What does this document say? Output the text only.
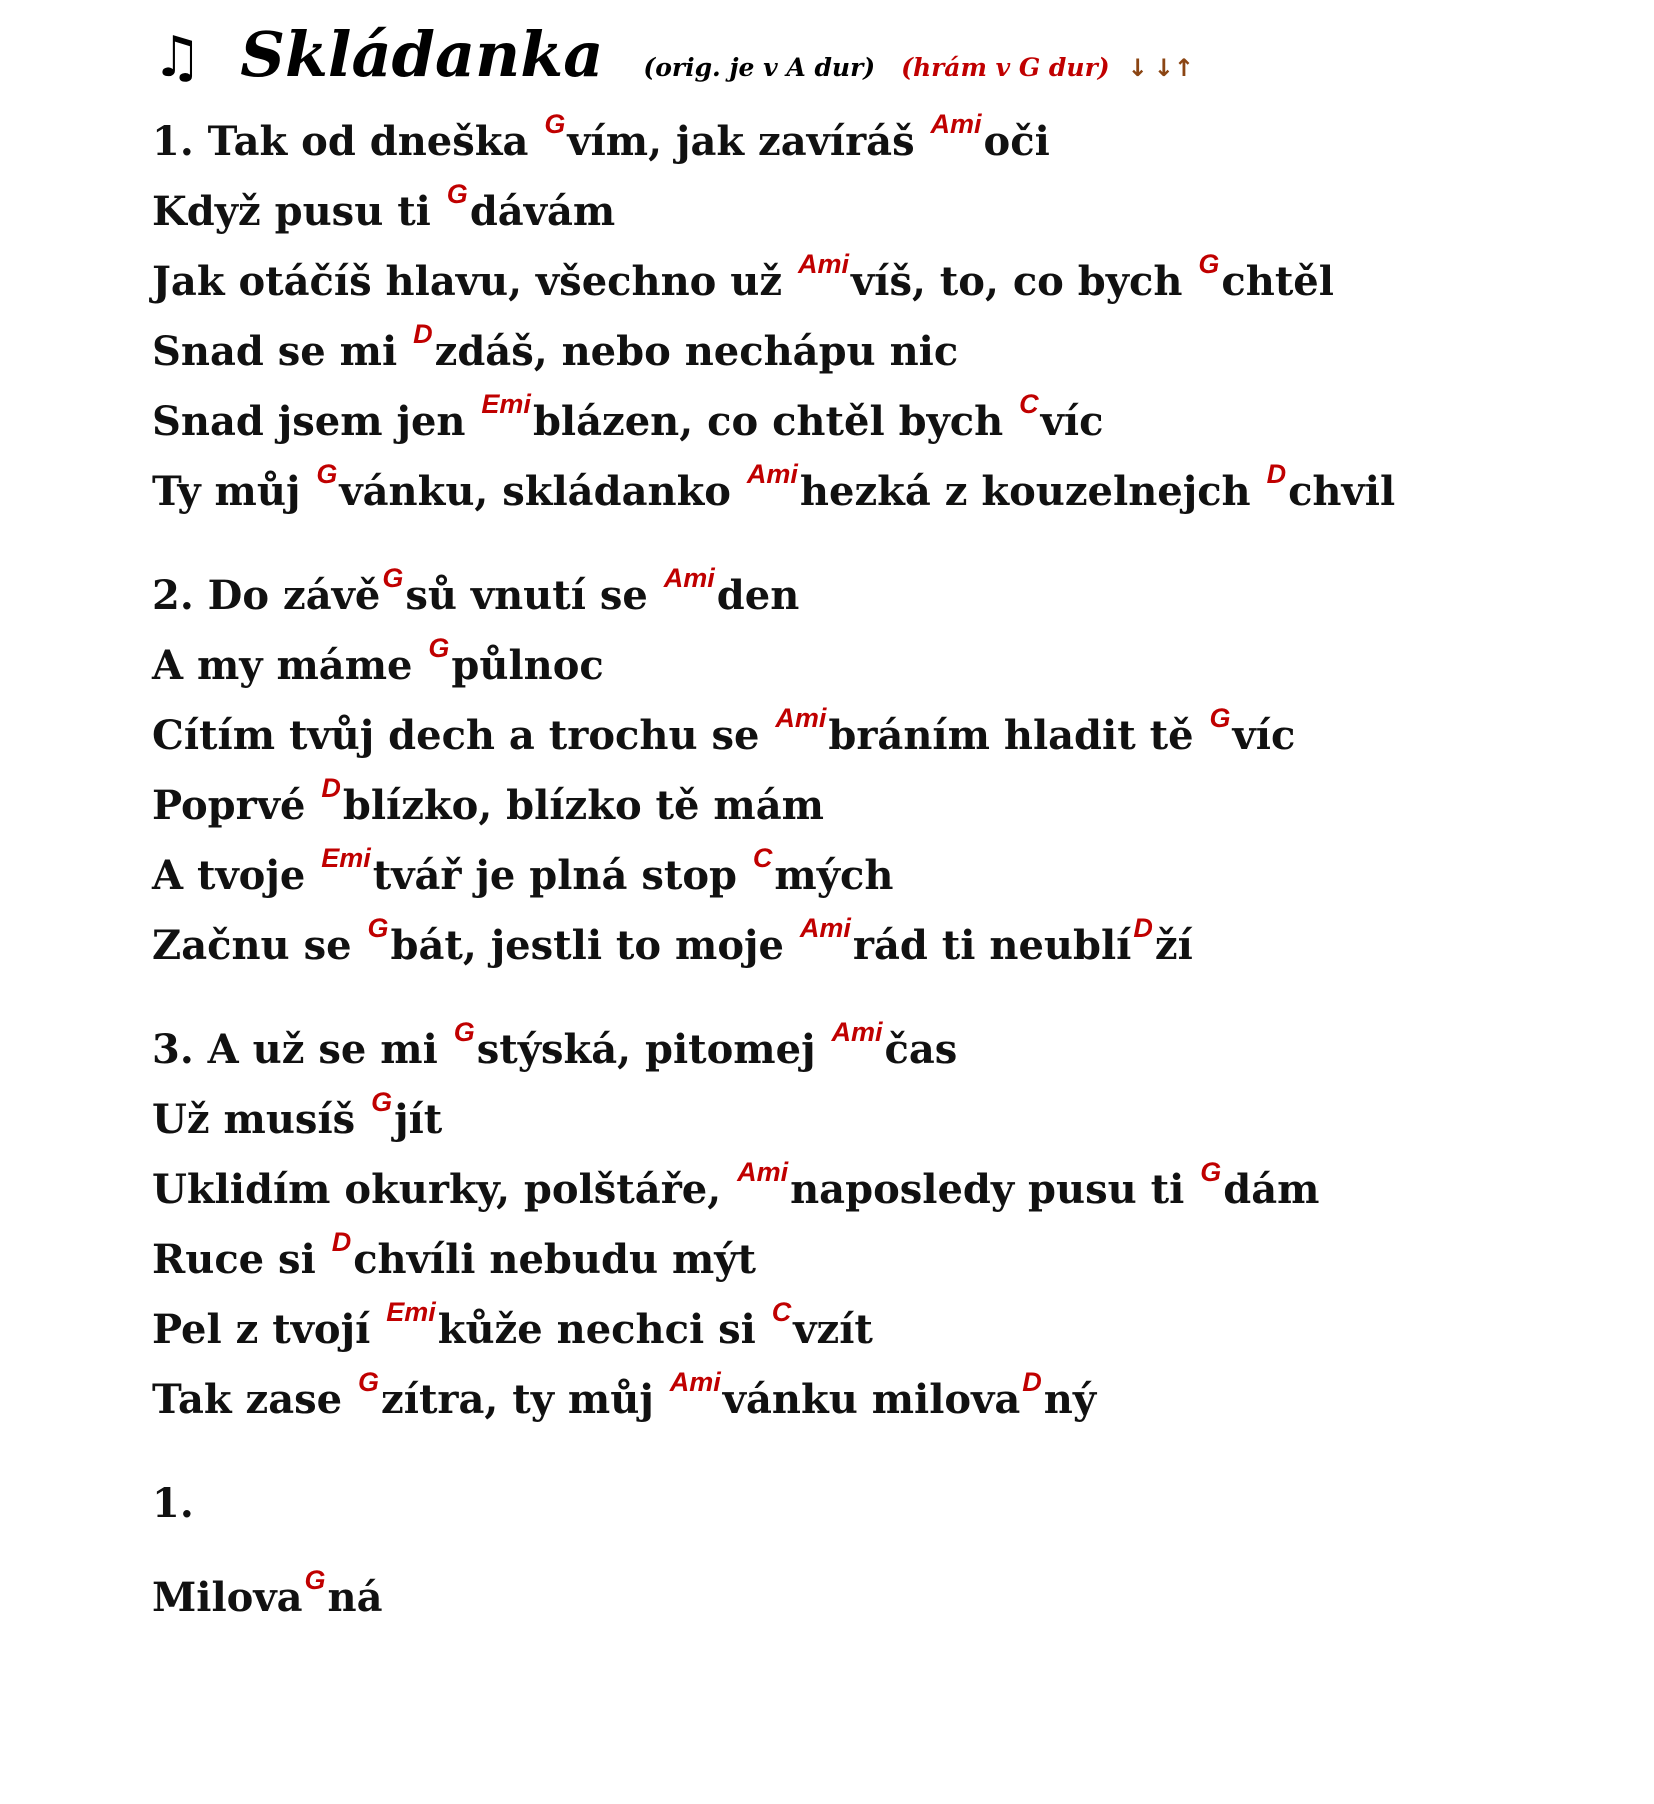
♫ Skládanka (orig. je v A dur) (hrám v G dur) ↓ ↓↑
1. Tak od dneška $^G$vím, jak zavíráš $^{Ami}$oči
Když pusu ti $^G$dávám
Jak otáčíš hlavu, všechno už $^{Ami}$víš, to, co bych $^G$chtěl
Snad se mi $^D$zdáš, nebo nechápu nic
Snad jsem jen $^{Emi}$blázen, co chtěl bych $^C$víc
Ty můj $^G$vánku, skládanko $^{Ami}$hezká z kouzelnejch $^D$chvil
2. Do závě$^G$sů vnutí se $^{Ami}$den
A my máme $^G$půlnoc
Cítím tvůj dech a trochu se $^{Ami}$bráním hladit tě $^G$víc
Poprvé $^D$blízko, blízko tě mám
A tvoje $^{Emi}$tvář je plná stop $^C$mých
Začnu se $^G$bát, jestli to moje $^{Ami}$rád ti neublí$^D$ží
3. A už se mi $^G$stýská, pitomej $^{Ami}$čas
Už musíš $^G$jít
Uklidím okurky, polštáře, $^{Ami}$naposledy pusu ti $^G$dám
Ruce si $^D$chvíli nebudu mýt
Pel z tvojí $^{Emi}$kůže nechci si $^C$vzít
Tak zase $^G$zítra, ty můj $^{Ami}$vánku milova$^D$ný
1.
Milova$^G$ná
